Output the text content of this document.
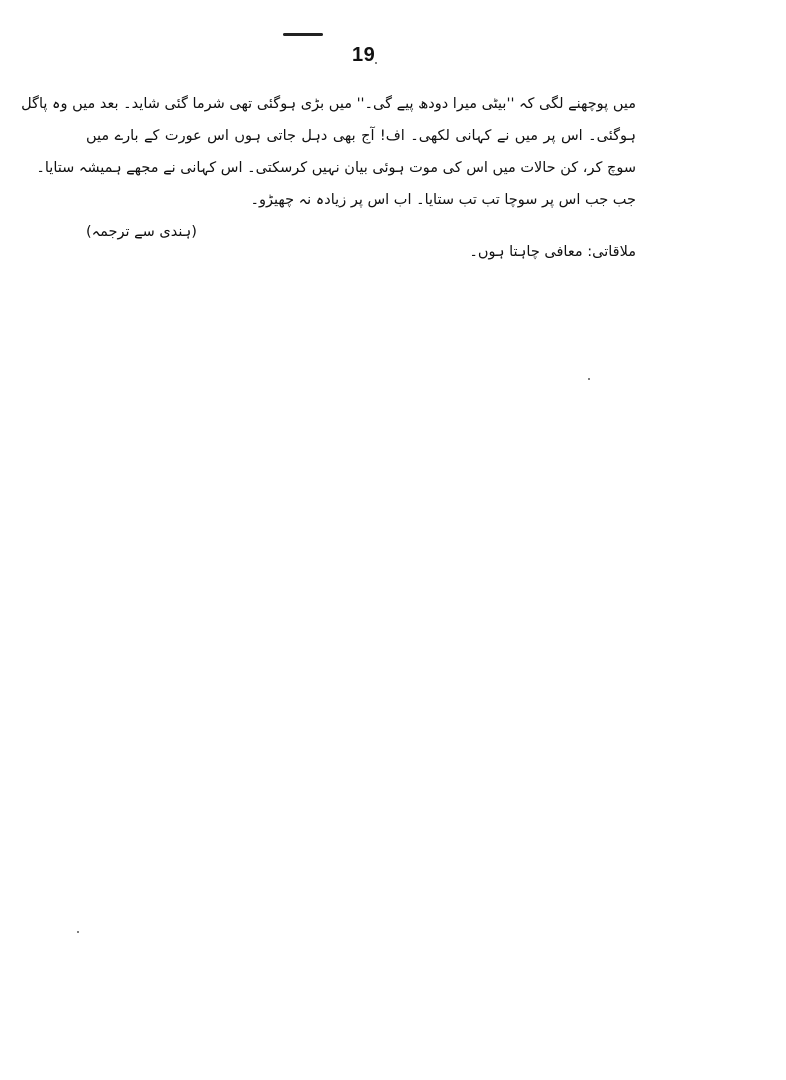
19
میں پوچھنے لگی کہ ''بیٹی میرا دودھ پیے گی۔'' میں بڑی ہوگئی تھی شرما گئی شاید۔ بعد میں وہ پاگل
ہوگئی۔ اس پر میں نے کہانی لکھی۔ اف! آج بھی دہل جاتی ہوں اس عورت کے بارے میں
سوچ کر، کن حالات میں اس کی موت ہوئی بیان نہیں کرسکتی۔ اس کہانی نے مجھے ہمیشہ ستایا۔
جب جب اس پر سوچا تب تب ستایا۔ اب اس پر زیادہ نہ چھیڑو۔
(ہندی سے ترجمہ)
ملاقاتی: معافی چاہتا ہوں۔
